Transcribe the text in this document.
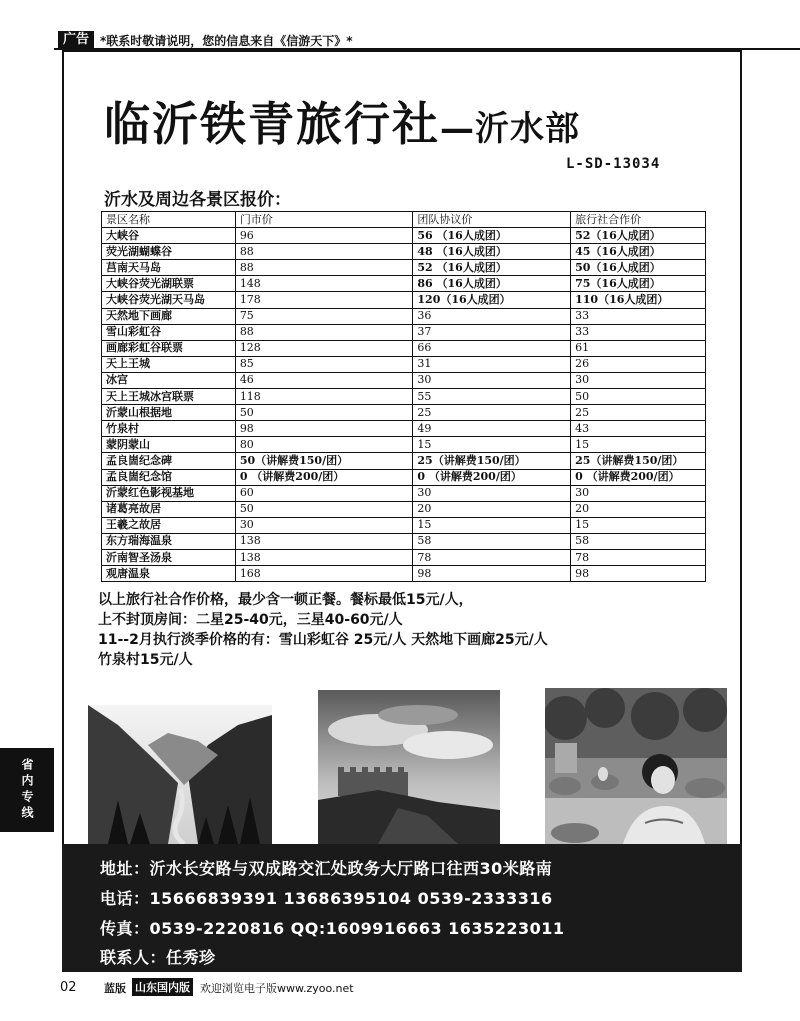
广告 *联系时敬请说明，您的信息来自《信游天下》*
临沂铁青旅行社—沂水部
L-SD-13034
沂水及周边各景区报价：
景区名称	门市价	团队协议价	旅行社合作价
大峡谷	96	56 （16人成团）	52（16人成团）
荧光湖蝴蝶谷	88	48 （16人成团）	45（16人成团）
莒南天马岛	88	52 （16人成团）	50（16人成团）
大峡谷荧光湖联票	148	86 （16人成团）	75（16人成团）
大峡谷荧光湖天马岛	178	120（16人成团）	110（16人成团）
天然地下画廊	75	36	33
雪山彩虹谷	88	37	33
画廊彩虹谷联票	128	66	61
天上王城	85	31	26
冰宫	46	30	30
天上王城冰宫联票	118	55	50
沂蒙山根据地	50	25	25
竹泉村	98	49	43
蒙阴蒙山	80	15	15
孟良崮纪念碑	50（讲解费150/团）	25（讲解费150/团）	25（讲解费150/团）
孟良崮纪念馆	0 （讲解费200/团）	0 （讲解费200/团）	0 （讲解费200/团）
沂蒙红色影视基地	60	30	30
诸葛亮故居	50	20	20
王羲之故居	30	15	15
东方瑞海温泉	138	58	58
沂南智圣汤泉	138	78	78
观唐温泉	168	98	98
以上旅行社合作价格，最少含一顿正餐。餐标最低15元/人，
上不封顶房间：二星25-40元，三星40-60元/人
11--2月执行淡季价格的有：雪山彩虹谷 25元/人 天然地下画廊25元/人
竹泉村15元/人
省内专线
地址：沂水长安路与双成路交汇处政务大厅路口往西30米路南
电话：15666839391 13686395104 0539-2333316
传真：0539-2220816 QQ:1609916663 1635223011
联系人：任秀珍
02 蓝版 山东国内版 欢迎浏览电子版www.zyoo.net
